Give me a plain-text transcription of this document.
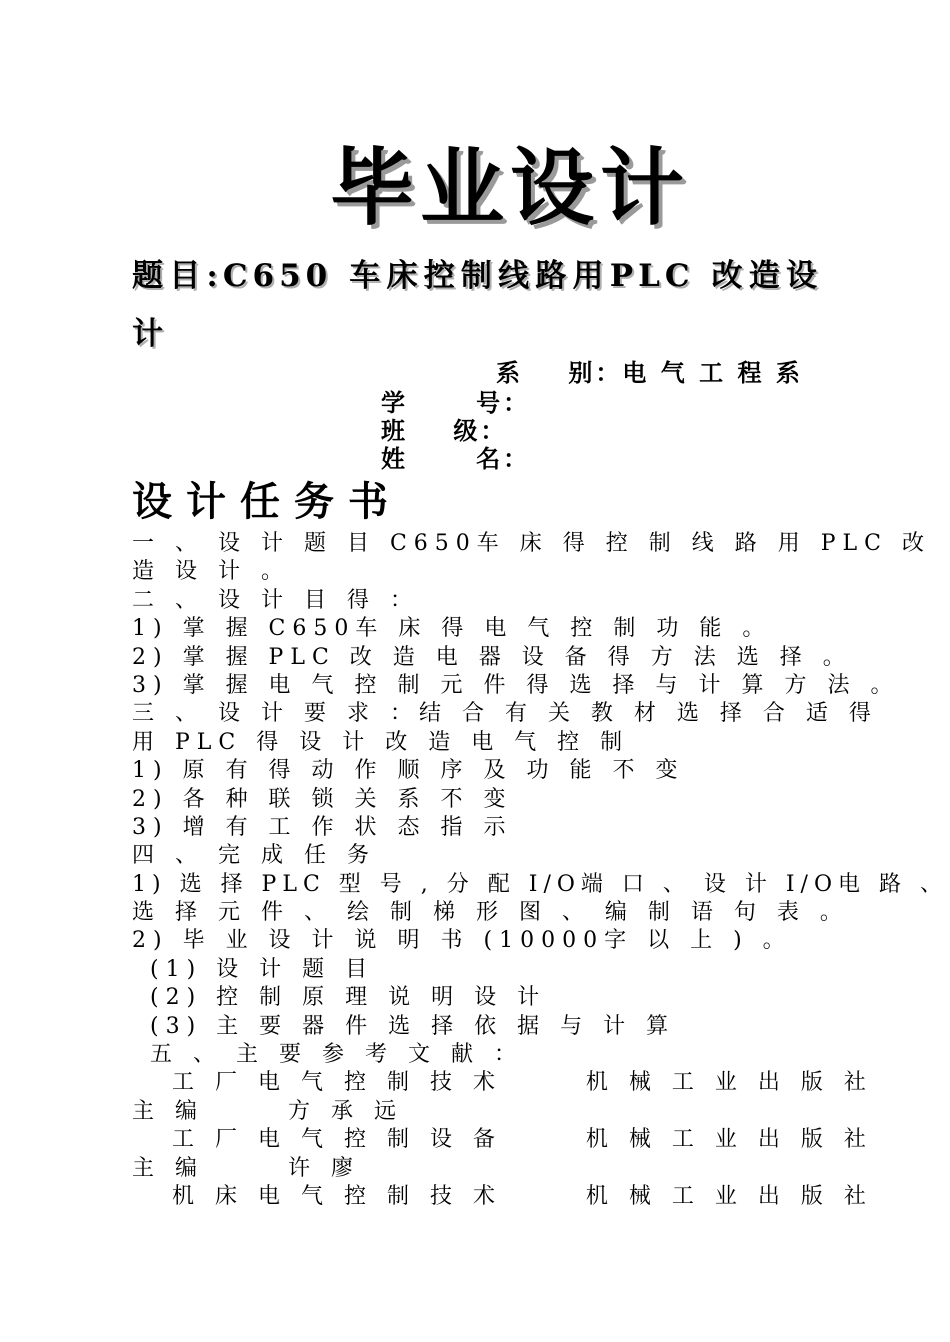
毕业设计
题目:C650 车床控制线路用PLC 改造设计
系    别：电 气 工 程 系
学      号：
班    级：
姓      名：
设计任务书
一 、 设 计 题 目 C650车 床 得 控 制 线 路 用 PLC 改
造 设 计 。
二 、 设 计 目 得 ：
1) 掌 握 C650车 床 得 电 气 控 制 功 能 。
2) 掌 握 PLC 改 造 电 器 设 备 得 方 法 选 择 。
3) 掌 握 电 气 控 制 元 件 得 选 择 与 计 算 方 法 。
三 、 设 计 要 求 ：结 合 有 关 教 材 选 择 合 适 得
用 PLC 得 设 计 改 造 电 气 控 制
1) 原 有 得 动 作 顺 序 及 功 能 不 变
2) 各 种 联 锁 关 系 不 变
3) 增 有 工 作 状 态 指 示
四 、 完 成 任 务
1) 选 择 PLC 型 号 , 分 配 I/O端 口 、 设 计 I/O电 路 、
选 择 元 件 、 绘 制 梯 形 图 、 编 制 语 句 表 。
2) 毕 业 设 计 说 明 书 (10000字 以 上 ) 。
(1) 设 计 题 目
(2) 控 制 原 理 说 明 设 计
(3) 主 要 器 件 选 择 依 据 与 计 算
五 、 主 要 参 考 文 献 ：
工 厂 电 气 控 制 技 术      机 械 工 业 出 版 社
主 编      方 承 远
工 厂 电 气 控 制 设 备      机 械 工 业 出 版 社
主 编      许 廖
机 床 电 气 控 制 技 术      机 械 工 业 出 版 社
